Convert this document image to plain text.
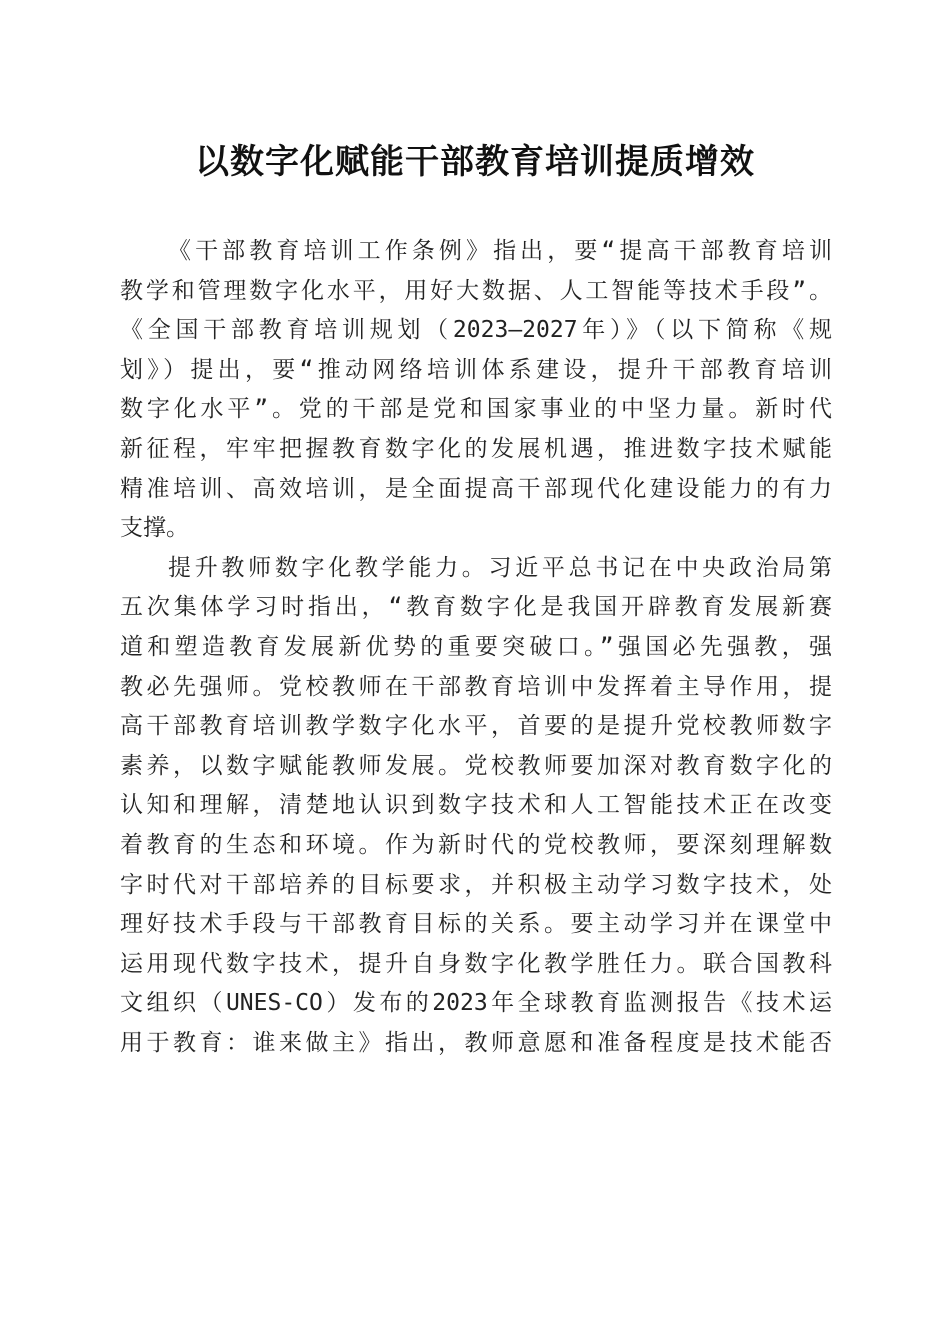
以数字化赋能干部教育培训提质增效
《干部教育培训工作条例》指出，要“提高干部教育培训
教学和管理数字化水平，用好大数据、人工智能等技术手段”。
《全国干部教育培训规划（2023—2027年）》（以下简称《规
划》）提出，要“推动网络培训体系建设，提升干部教育培训
数字化水平”。党的干部是党和国家事业的中坚力量。新时代
新征程，牢牢把握教育数字化的发展机遇，推进数字技术赋能
精准培训、高效培训，是全面提高干部现代化建设能力的有力
支撑。
提升教师数字化教学能力。习近平总书记在中央政治局第
五次集体学习时指出，“教育数字化是我国开辟教育发展新赛
道和塑造教育发展新优势的重要突破口。”强国必先强教，强
教必先强师。党校教师在干部教育培训中发挥着主导作用，提
高干部教育培训教学数字化水平，首要的是提升党校教师数字
素养，以数字赋能教师发展。党校教师要加深对教育数字化的
认知和理解，清楚地认识到数字技术和人工智能技术正在改变
着教育的生态和环境。作为新时代的党校教师，要深刻理解数
字时代对干部培养的目标要求，并积极主动学习数字技术，处
理好技术手段与干部教育目标的关系。要主动学习并在课堂中
运用现代数字技术，提升自身数字化教学胜任力。联合国教科
文组织（UNES-CO）发布的2023年全球教育监测报告《技术运
用于教育：谁来做主》指出，教师意愿和准备程度是技术能否
